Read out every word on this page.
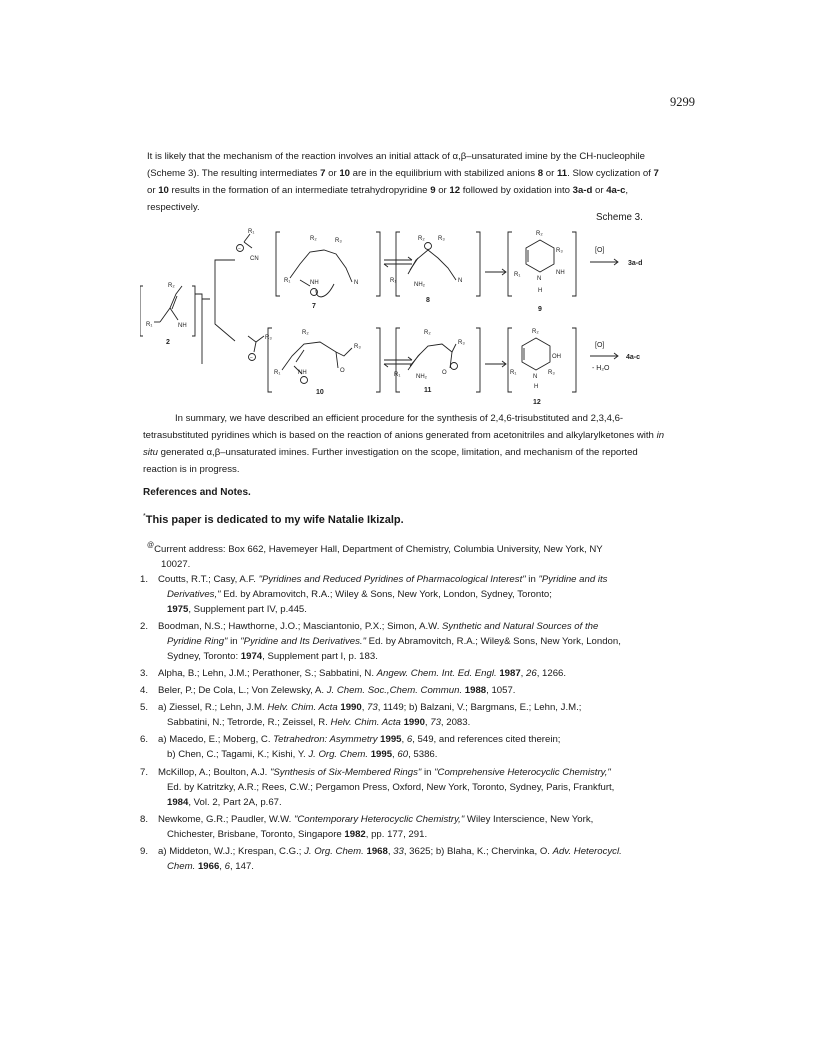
9299

It is likely that the mechanism of the reaction involves an initial attack of α,β–unsaturated imine by the CH-nucleophile (Scheme 3). The resulting intermediates 7 or 10 are in the equilibrium with stabilized anions 8 or 11. Slow cyclization of 7 or 10 results in the formation of an intermediate tetrahydropyridine 9 or 12 followed by oxidation into 3a-d or 4a-c, respectively.

Scheme 3.
R₂
R₁	NH
2
−
R₁
CN
−
R₃
R₂	R₃
R₁	NH	N
7
R₂ R₃
R₁
NH₂
N
8
R₂
R₃
R₁
N
NH
H
9
[O]
3a-d
R₂
R₃
R₁	NH	O
10
R₂
R₃
R₁	NH₂
O
11
R₂
OH
R₁
N
R₃
H
12
[O]
4a-c
- H₂O

In summary, we have described an efficient procedure for the synthesis of 2,4,6-trisubstituted and 2,3,4,6-tetrasubstituted pyridines which is based on the reaction of anions generated from acetonitriles and alkylarylketones with in situ generated α,β–unsaturated imines. Further investigation on the scope, limitation, and mechanism of the reported reaction is in progress.

References and Notes.

*This paper is dedicated to my wife Natalie Ikizalp.

@Current address: Box 662, Havemeyer Hall, Department of Chemistry, Columbia University, New York, NY
10027.

1. Coutts, R.T.; Casy, A.F. "Pyridines and Reduced Pyridines of Pharmacological Interest" in "Pyridine and its
Derivatives," Ed. by Abramovitch, R.A.; Wiley & Sons, New York, London, Sydney, Toronto;
1975, Supplement part IV, p.445.
2. Boodman, N.S.; Hawthorne, J.O.; Masciantonio, P.X.; Simon, A.W. Synthetic and Natural Sources of the
Pyridine Ring" in "Pyridine and Its Derivatives." Ed. by Abramovitch, R.A.; Wiley& Sons, New York, London,
Sydney, Toronto: 1974, Supplement part I, p. 183.
3. Alpha, B.; Lehn, J.M.; Perathoner, S.; Sabbatini, N. Angew. Chem. Int. Ed. Engl. 1987, 26, 1266.
4. Beler, P.; De Cola, L.; Von Zelewsky, A. J. Chem. Soc.,Chem. Commun. 1988, 1057.
5. a) Ziessel, R.; Lehn, J.M. Helv. Chim. Acta 1990, 73, 1149; b) Balzani, V.; Bargmans, E.; Lehn, J.M.;
Sabbatini, N.; Tetrorde, R.; Zeissel, R. Helv. Chim. Acta 1990, 73, 2083.
6. a) Macedo, E.; Moberg, C. Tetrahedron: Asymmetry 1995, 6, 549, and references cited therein;
b) Chen, C.; Tagami, K.; Kishi, Y. J. Org. Chem. 1995, 60, 5386.
7. McKillop, A.; Boulton, A.J. "Synthesis of Six-Membered Rings" in "Comprehensive Heterocyclic Chemistry,"
Ed. by Katritzky, A.R.; Rees, C.W.; Pergamon Press, Oxford, New York, Toronto, Sydney, Paris, Frankfurt,
1984, Vol. 2, Part 2A, p.67.
8. Newkome, G.R.; Paudler, W.W. "Contemporary Heterocyclic Chemistry," Wiley Interscience, New York,
Chichester, Brisbane, Toronto, Singapore 1982, pp. 177, 291.
9. a) Middeton, W.J.; Krespan, C.G.; J. Org. Chem. 1968, 33, 3625; b) Blaha, K.; Chervinka, O. Adv. Heterocycl.
Chem. 1966, 6, 147.
